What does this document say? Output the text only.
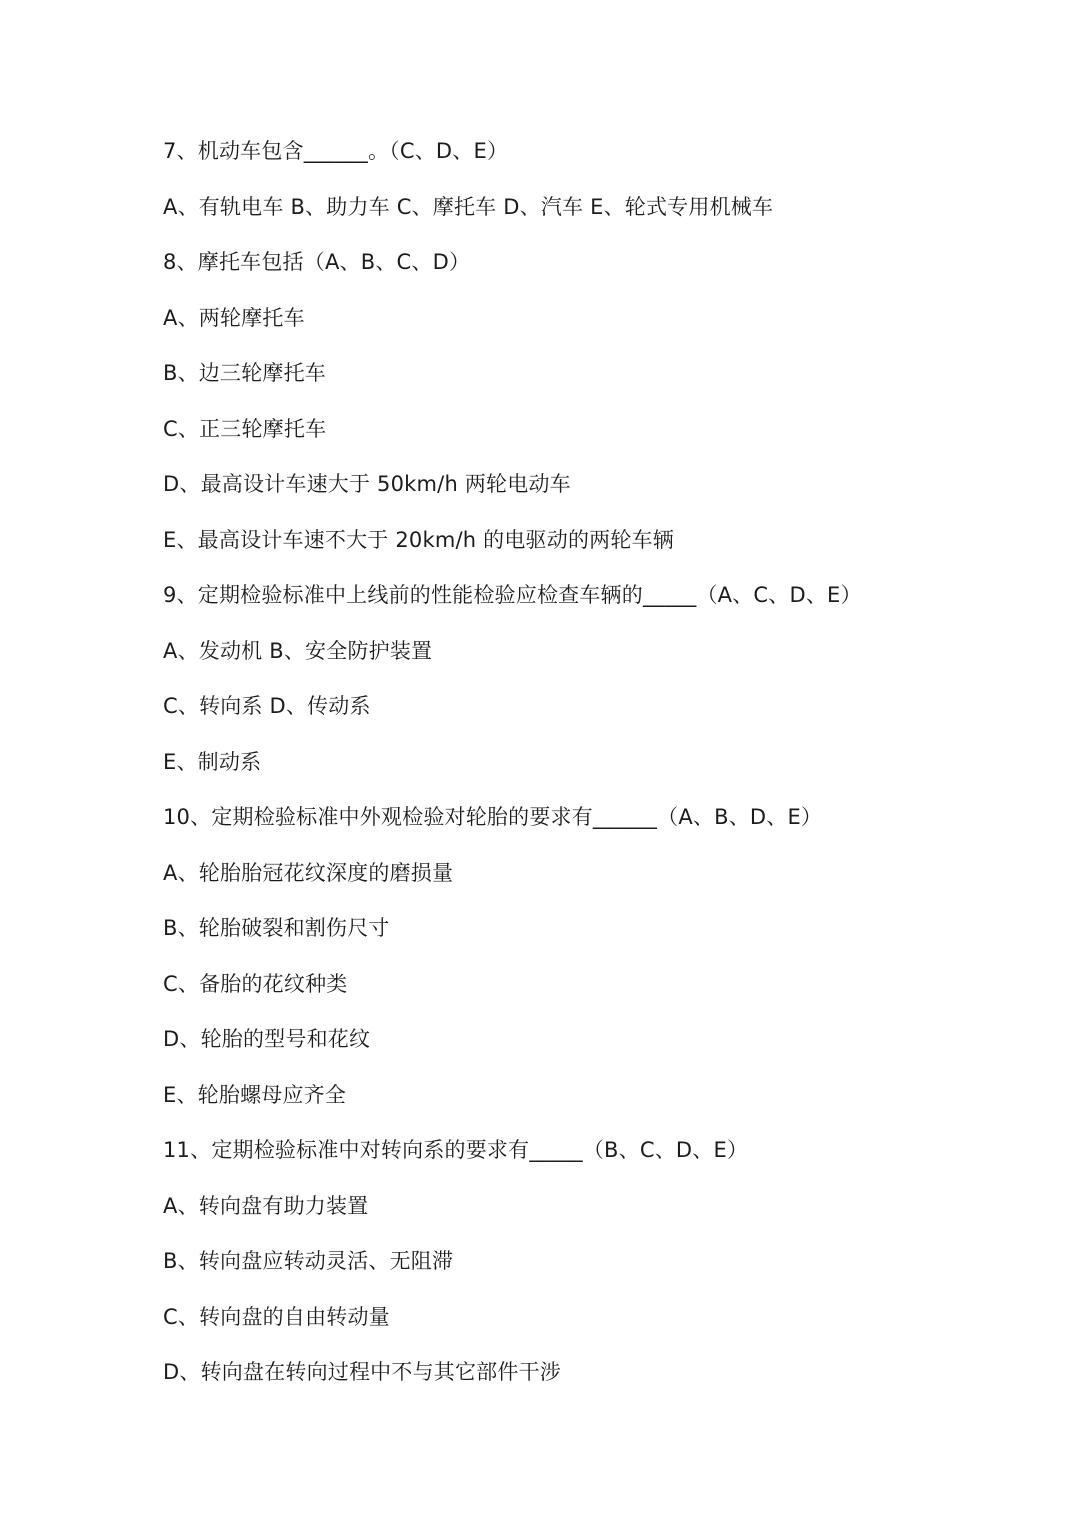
7、机动车包含______。（C、D、E）
A、有轨电车 B、助力车 C、摩托车 D、汽车 E、轮式专用机械车
8、摩托车包括（A、B、C、D）
A、两轮摩托车
B、边三轮摩托车
C、正三轮摩托车
D、最高设计车速大于 50km/h 两轮电动车
E、最高设计车速不大于 20km/h 的电驱动的两轮车辆
9、定期检验标准中上线前的性能检验应检查车辆的_____（A、C、D、E）
A、发动机 B、安全防护装置
C、转向系 D、传动系
E、制动系
10、定期检验标准中外观检验对轮胎的要求有______（A、B、D、E）
A、轮胎胎冠花纹深度的磨损量
B、轮胎破裂和割伤尺寸
C、备胎的花纹种类
D、轮胎的型号和花纹
E、轮胎螺母应齐全
11、定期检验标准中对转向系的要求有_____（B、C、D、E）
A、转向盘有助力装置
B、转向盘应转动灵活、无阻滞
C、转向盘的自由转动量
D、转向盘在转向过程中不与其它部件干涉
